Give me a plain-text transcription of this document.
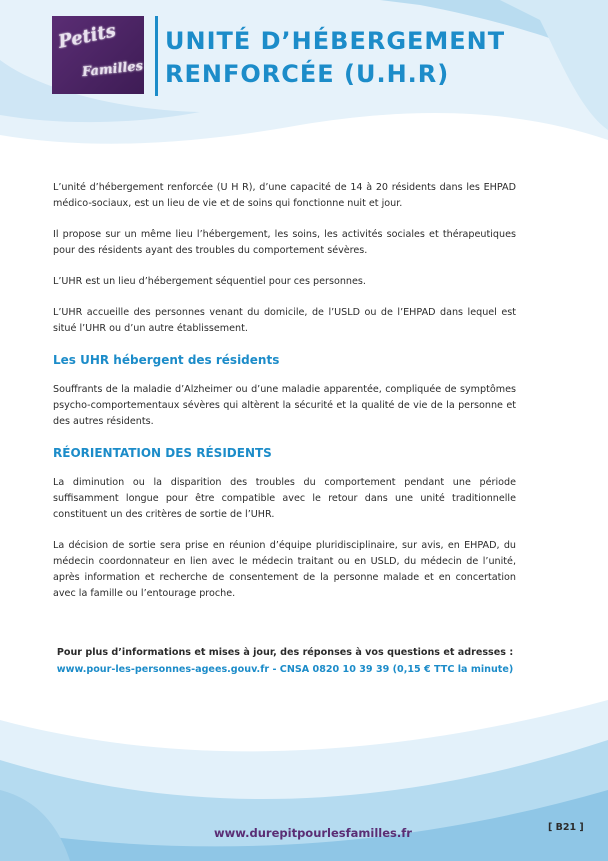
Petits
Familles
UNITÉ D’HÉBERGEMENT
RENFORCÉE (U.H.R)

L’unité d’hébergement renforcée (U H R), d’une capacité de 14 à 20 résidents dans les EHPAD médico-sociaux, est un lieu de vie et de soins qui fonctionne nuit et jour.

Il propose sur un même lieu l’hébergement, les soins, les activités sociales et thérapeutiques pour des résidents ayant des troubles du comportement sévères.

L’UHR est un lieu d’hébergement séquentiel pour ces personnes.

L’UHR accueille des personnes venant du domicile, de l’USLD ou de l’EHPAD dans lequel est situé l’UHR ou d’un autre établissement.

Les UHR hébergent des résidents

Souffrants de la maladie d’Alzheimer ou d’une maladie apparentée, compliquée de symptômes psycho-comportementaux sévères qui altèrent la sécurité et la qualité de vie de la personne et des autres résidents.

RÉORIENTATION DES RÉSIDENTS

La diminution ou la disparition des troubles du comportement pendant une période suffisamment longue pour être compatible avec le retour dans une unité traditionnelle constituent un des critères de sortie de l’UHR.

La décision de sortie sera prise en réunion d’équipe pluridisciplinaire, sur avis, en EHPAD, du médecin coordonnateur en lien avec le médecin traitant ou en USLD, du médecin de l’unité, après information et recherche de consentement de la personne malade et en concertation avec la famille ou l’entourage proche.

Pour plus d’informations et mises à jour, des réponses à vos questions et adresses :
www.pour-les-personnes-agees.gouv.fr - CNSA 0820 10 39 39 (0,15 € TTC la minute)
www.durepitpourlesfamilles.fr	[ B21 ]
